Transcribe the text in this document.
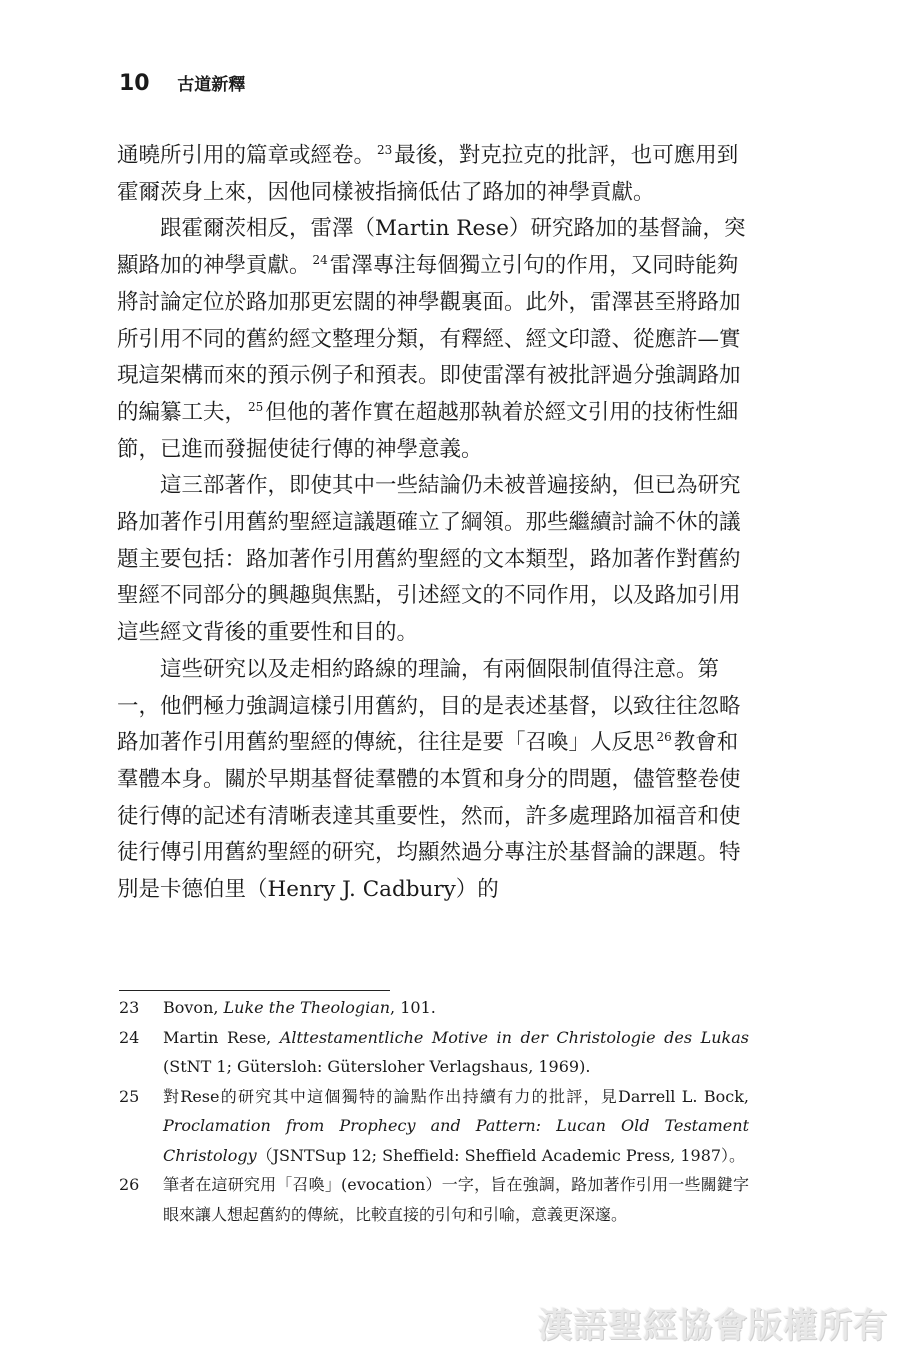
10 古道新釋

通曉所引用的篇章或經卷。 $^{23}$最後，對克拉克的批評，也可應用到霍爾茨身上來，因他同樣被指摘低估了路加的神學貢獻。

跟霍爾茨相反，雷澤（Martin Rese）研究路加的基督論，突顯路加的神學貢獻。 $^{24}$雷澤專注每個獨立引句的作用，又同時能夠將討論定位於路加那更宏闊的神學觀裏面。此外，雷澤甚至將路加所引用不同的舊約經文整理分類，有釋經、經文印證、從應許—實現這架構而來的預示例子和預表。即使雷澤有被批評過分強調路加的編纂工夫， $^{25}$但他的著作實在超越那執着於經文引用的技術性細節，已進而發掘使徒行傳的神學意義。

這三部著作，即使其中一些結論仍未被普遍接納，但已為研究路加著作引用舊約聖經這議題確立了綱領。那些繼續討論不休的議題主要包括：路加著作引用舊約聖經的文本類型，路加著作對舊約聖經不同部分的興趣與焦點，引述經文的不同作用，以及路加引用這些經文背後的重要性和目的。

這些研究以及走相約路線的理論，有兩個限制值得注意。第一，他們極力強調這樣引用舊約，目的是表述基督，以致往往忽略路加著作引用舊約聖經的傳統，往往是要「召喚」人反思 $^{26}$教會和羣體本身。關於早期基督徒羣體的本質和身分的問題，儘管整卷使徒行傳的記述有清晰表達其重要性，然而，許多處理路加福音和使徒行傳引用舊約聖經的研究，均顯然過分專注於基督論的課題。特別是卡德伯里（Henry J. Cadbury）的

23	Bovon, Luke the Theologian, 101.
24	Martin Rese, Alttestamentliche Motive in der Christologie des Lukas (StNT 1; Gütersloh: Gütersloher Verlagshaus, 1969).
25	對Rese的研究其中這個獨特的論點作出持續有力的批評，見Darrell L. Bock, Proclamation from Prophecy and Pattern: Lucan Old Testament Christology（JSNTSup 12; Sheffield: Sheffield Academic Press, 1987）。
26	筆者在這研究用「召喚」(evocation）一字，旨在強調，路加著作引用一些關鍵字眼來讓人想起舊約的傳統，比較直接的引句和引喻，意義更深邃。
漢語聖經協會版權所有
